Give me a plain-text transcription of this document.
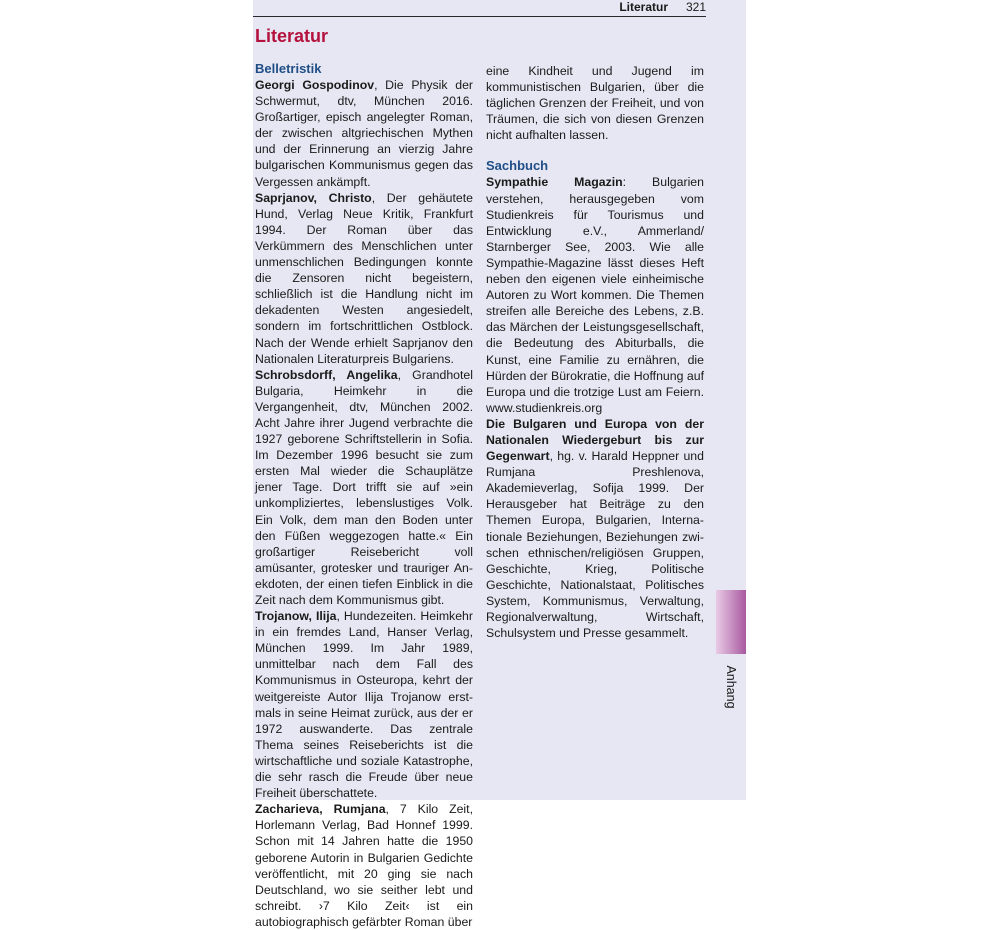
Literatur 321
Literatur
Belletristik

Georgi Gospodinov, Die Physik der Schwermut, dtv, München 2016. Großartiger, episch angelegter Roman, der zwischen altgriechischen Mythen und der Erinnerung an vierzig Jahre bulgarischen Kommunismus gegen das Vergessen ankämpft.

Saprjanov, Christo, Der gehäutete Hund, Verlag Neue Kritik, Frankfurt 1994. Der Roman über das Verkümmern des Menschlichen unter unmenschlichen Bedingungen konnte die Zensoren nicht begeistern, schließlich ist die Handlung nicht im dekadenten Westen angesiedelt, sondern im fortschrittlichen Ostblock. Nach der Wende erhielt Saprjanov den Nationalen Literaturpreis Bulgariens.

Schrobsdorff, Angelika, Grandhotel Bulgaria, Heimkehr in die Vergangenheit, dtv, München 2002. Acht Jahre ihrer Jugend verbrachte die 1927 geborene Schriftstellerin in Sofia. Im Dezember 1996 besucht sie zum ersten Mal wieder die Schauplätze jener Tage. Dort trifft sie auf »ein unkompliziertes, lebenslustiges Volk. Ein Volk, dem man den Boden unter den Füßen weggezogen hatte.« Ein großartiger Reisebericht voll amüsanter, grotesker und trauriger Anekdoten, der einen tiefen Einblick in die Zeit nach dem Kommunismus gibt.

Trojanow, Ilija, Hundezeiten. Heimkehr in ein fremdes Land, Hanser Verlag, München 1999. Im Jahr 1989, unmittelbar nach dem Fall des Kommunismus in Osteuropa, kehrt der weitgereiste Autor Ilija Trojanow erstmals in seine Heimat zurück, aus der er 1972 auswanderte. Das zentrale Thema seines Reiseberichts ist die wirtschaftliche und soziale Katastrophe, die sehr rasch die Freude über neue Freiheit überschattete.

Zacharieva, Rumjana, 7 Kilo Zeit, Horlemann Verlag, Bad Honnef 1999. Schon mit 14 Jahren hatte die 1950 geborene Autorin in Bulgarien Gedichte veröffentlicht, mit 20 ging sie nach Deutschland, wo sie seither lebt und schreibt. ›7 Kilo Zeit‹ ist ein autobiographisch gefärbter Roman über

eine Kindheit und Jugend im kommunistischen Bulgarien, über die täglichen Grenzen der Freiheit, und von Träumen, die sich von diesen Grenzen nicht aufhalten lassen.

Sachbuch

Sympathie Magazin: Bulgarien verstehen, herausgegeben vom Studienkreis für Tourismus und Entwicklung e.V., Ammerland/ Starnberger See, 2003. Wie alle Sympathie-Magazine lässt dieses Heft neben den eigenen viele einheimische Autoren zu Wort kommen. Die Themen streifen alle Bereiche des Lebens, z.B. das Märchen der Leistungsgesellschaft, die Bedeutung des Abiturballs, die Kunst, eine Familie zu ernähren, die Hürden der Bürokratie, die Hoffnung auf Europa und die trotzige Lust am Feiern. www.studienkreis.org

Die Bulgaren und Europa von der Nationalen Wiedergeburt bis zur Gegenwart, hg. v. Harald Heppner und Rumjana Preshlenova, Akademieverlag, Sofija 1999. Der Herausgeber hat Beiträge zu den Themen Europa, Bulgarien, Internationale Beziehungen, Beziehungen zwischen ethnischen/religiösen Gruppen, Geschichte, Krieg, Politische Geschichte, Nationalstaat, Politisches System, Kommunismus, Verwaltung, Regionalverwaltung, Wirtschaft, Schulsystem und Presse gesammelt.

Anhang
